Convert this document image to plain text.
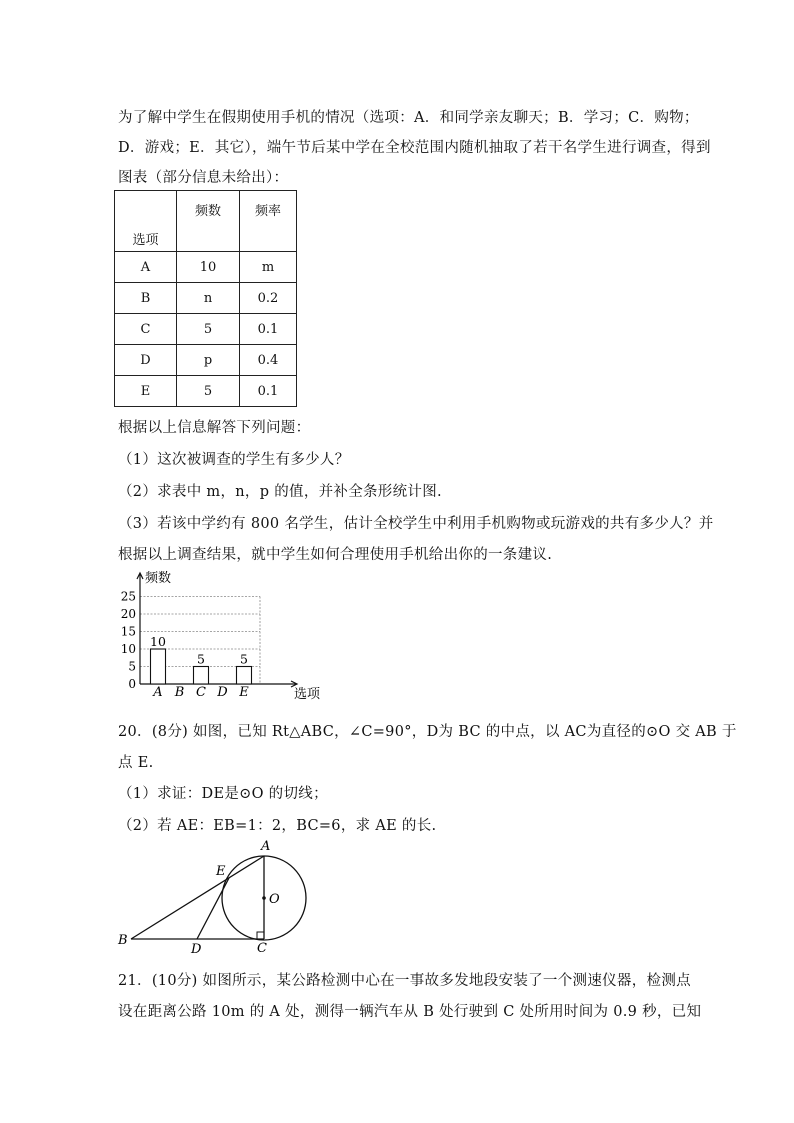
为了解中学生在假期使用手机的情况（选项：A．和同学亲友聊天；B．学习；C．购物；
D．游戏；E．其它），端午节后某中学在全校范围内随机抽取了若干名学生进行调查，得到
图表（部分信息未给出）：
选项	频数	频率

A	10	m
B	n	0.2
C	5	0.1
D	p	0.4
E	5	0.1
根据以上信息解答下列问题：
（1）这次被调查的学生有多少人？
（2）求表中 m，n，p 的值，并补全条形统计图.
（3）若该中学约有 800 名学生，估计全校学生中利用手机购物或玩游戏的共有多少人？并
根据以上调查结果，就中学生如何合理使用手机给出你的一条建议.
0
5
10
15
20
25
频数
选项
A
10
B C
5
D E
5
20．(8分) 如图，已知 Rt△ABC，∠C=90°，D为 BC 的中点，以 AC为直径的⊙O 交 AB 于
点 E.
（1）求证：DE是⊙O 的切线；
（2）若 AE：EB=1：2，BC=6，求 AE 的长.
A
E
O
B
D	C
21．(10分) 如图所示，某公路检测中心在一事故多发地段安装了一个测速仪器，检测点
设在距离公路 10m 的 A 处，测得一辆汽车从 B 处行驶到 C 处所用时间为 0.9 秒，已知
